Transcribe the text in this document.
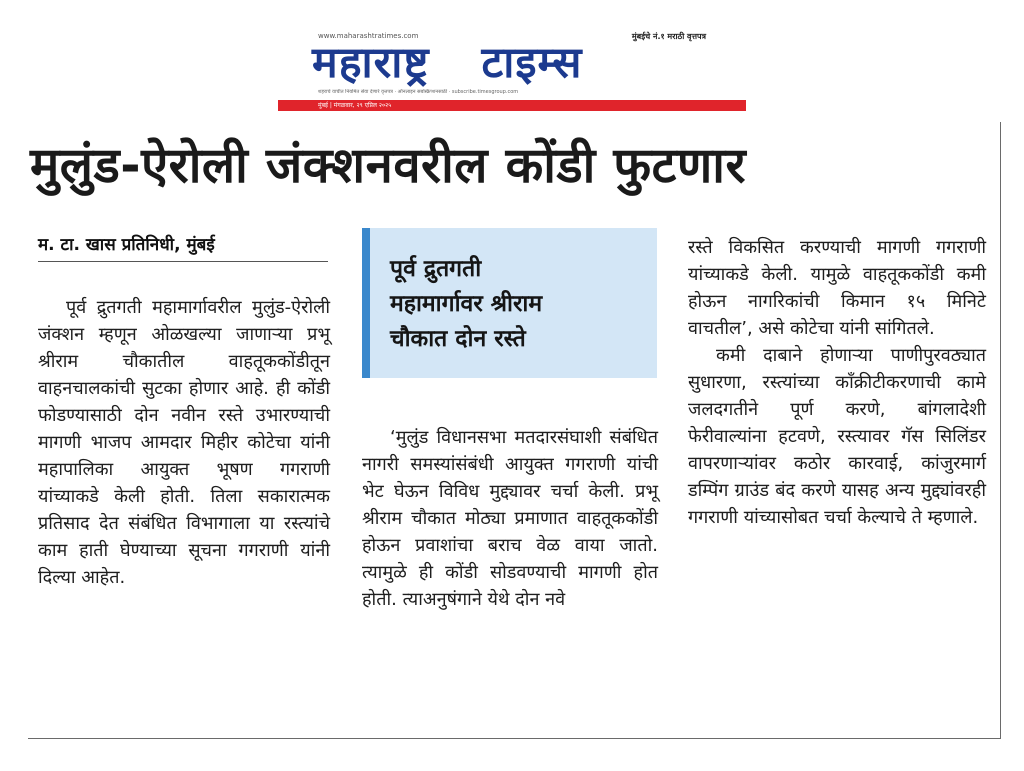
www.maharashtratimes.com	मुंबईचे नं.१ मराठी वृत्तपत्र
महाराष्ट्र टाइम्स
शहराचे वाचीत नियमित सेवा देणारे वृत्तपत्र · ऑनलाइन सबस्क्रिप्शनसाठी · subscribe.timesgroup.com
मुंबई | मंगळवार, २९ एप्रिल २०२५
मुलुंड-ऐरोली जंक्शनवरील कोंडी फुटणार
म. टा. खास प्रतिनिधी, मुंबई

पूर्व द्रुतगती महामार्गावरील मुलुंड-ऐरोली जंक्शन म्हणून ओळखल्या जाणाऱ्या प्रभू श्रीराम चौकातील वाहतूककोंडीतून वाहनचालकांची सुटका होणार आहे. ही कोंडी फोडण्यासाठी दोन नवीन रस्ते उभारण्याची मागणी भाजप आमदार मिहीर कोटेचा यांनी महापालिका आयुक्त भूषण गगराणी यांच्याकडे केली होती. तिला सकारात्मक प्रतिसाद देत संबंधित विभागाला या रस्त्यांचे काम हाती घेण्याच्या सूचना गगराणी यांनी दिल्या आहेत.

पूर्व द्रुतगती
महामार्गावर श्रीराम
चौकात दोन रस्ते

‘मुलुंड विधानसभा मतदारसंघाशी संबंधित नागरी समस्यांसंबंधी आयुक्त गगराणी यांची भेट घेऊन विविध मुद्द्यावर चर्चा केली. प्रभू श्रीराम चौकात मोठ्या प्रमाणात वाहतूककोंडी होऊन प्रवाशांचा बराच वेळ वाया जातो. त्यामुळे ही कोंडी सोडवण्याची मागणी होत होती. त्याअनुषंगाने येथे दोन नवे

रस्ते विकसित करण्याची मागणी गगराणी यांच्याकडे केली. यामुळे वाहतूककोंडी कमी होऊन नागरिकांची किमान १५ मिनिटे वाचतील’, असे कोटेचा यांनी सांगितले.

कमी दाबाने होणाऱ्या पाणीपुरवठ्यात सुधारणा, रस्त्यांच्या काँक्रीटीकरणाची कामे जलदगतीने पूर्ण करणे, बांगलादेशी फेरीवाल्यांना हटवणे, रस्त्यावर गॅस सिलिंडर वापरणाऱ्यांवर कठोर कारवाई, कांजुरमार्ग डम्पिंग ग्राउंड बंद करणे यासह अन्य मुद्द्यांवरही गगराणी यांच्यासोबत चर्चा केल्याचे ते म्हणाले.
